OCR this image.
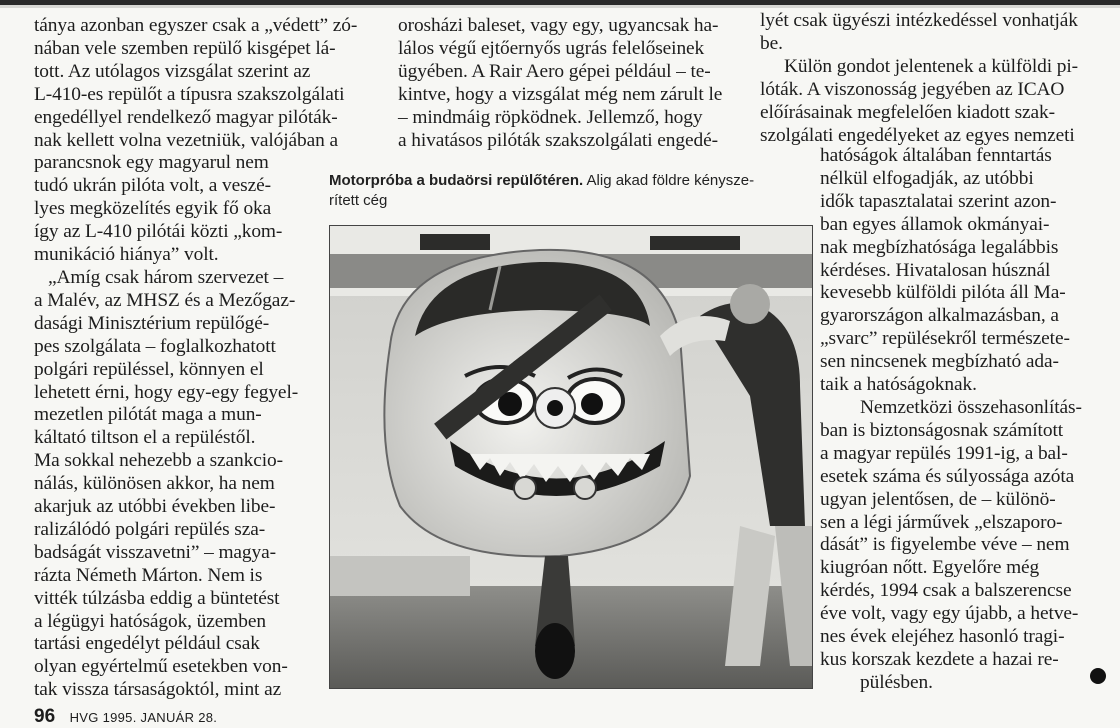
tánya azonban egyszer csak a „védett” zó-

nában vele szemben repülő kisgépet lá-

tott. Az utólagos vizsgálat szerint az

L-410-es repülőt a típusra szakszolgálati

engedéllyel rendelkező magyar pilóták-

nak kellett volna vezetniük, valójában a

parancsnok egy magyarul nem

tudó ukrán pilóta volt, a veszé-

lyes megközelítés egyik fő oka

így az L-410 pilótái közti „kom-

munikáció hiánya” volt.

„Amíg csak három szervezet –

a Malév, az MHSZ és a Mezőgaz-

dasági Minisztérium repülőgé-

pes szolgálata – foglalkozhatott

polgári repüléssel, könnyen el

lehetett érni, hogy egy-egy fegyel-

mezetlen pilótát maga a mun-

káltató tiltson el a repüléstől.

Ma sokkal nehezebb a szankcio-

nálás, különösen akkor, ha nem

akarjuk az utóbbi években libe-

ralizálódó polgári repülés sza-

badságát visszavetni” – magya-

rázta Németh Márton. Nem is

vitték túlzásba eddig a büntetést

a légügyi hatóságok, üzemben

tartási engedélyt például csak

olyan egyértelmű esetekben von-

tak vissza társaságoktól, mint az

orosházi baleset, vagy egy, ugyancsak ha-

lálos végű ejtőernyős ugrás felelőseinek

ügyében. A Rair Aero gépei például – te-

kintve, hogy a vizsgálat még nem zárult le

– mindmáig röpködnek. Jellemző, hogy

a hivatásos pilóták szakszolgálati engedé-

lyét csak ügyészi intézkedéssel vonhatják

be.

Külön gondot jelentenek a külföldi pi-

lóták. A viszonosság jegyében az ICAO

előírásainak megfelelően kiadott szak-

szolgálati engedélyeket az egyes nemzeti

hatóságok általában fenntartás

nélkül elfogadják, az utóbbi

idők tapasztalatai szerint azon-

ban egyes államok okmányai-

nak megbízhatósága legalábbis

kérdéses. Hivatalosan húsznál

kevesebb külföldi pilóta áll Ma-

gyarországon alkalmazásban, a

„svarc” repülésekről természete-

sen nincsenek megbízható ada-

taik a hatóságoknak.

Nemzetközi összehasonlítás-

ban is biztonságosnak számított

a magyar repülés 1991-ig, a bal-

esetek száma és súlyossága azóta

ugyan jelentősen, de – különö-

sen a légi járművek „elszaporo-

dását” is figyelembe véve – nem

kiugróan nőtt. Egyelőre még

kérdés, 1994 csak a balszerencse

éve volt, vagy egy újabb, a hetve-

nes évek elejéhez hasonló tragi-

kus korszak kezdete a hazai re-

pülésben.

Motorpróba a budaörsi repülőtéren. Alig akad földre kénysze-

rített cég

96 HVG 1995. JANUÁR 28.
